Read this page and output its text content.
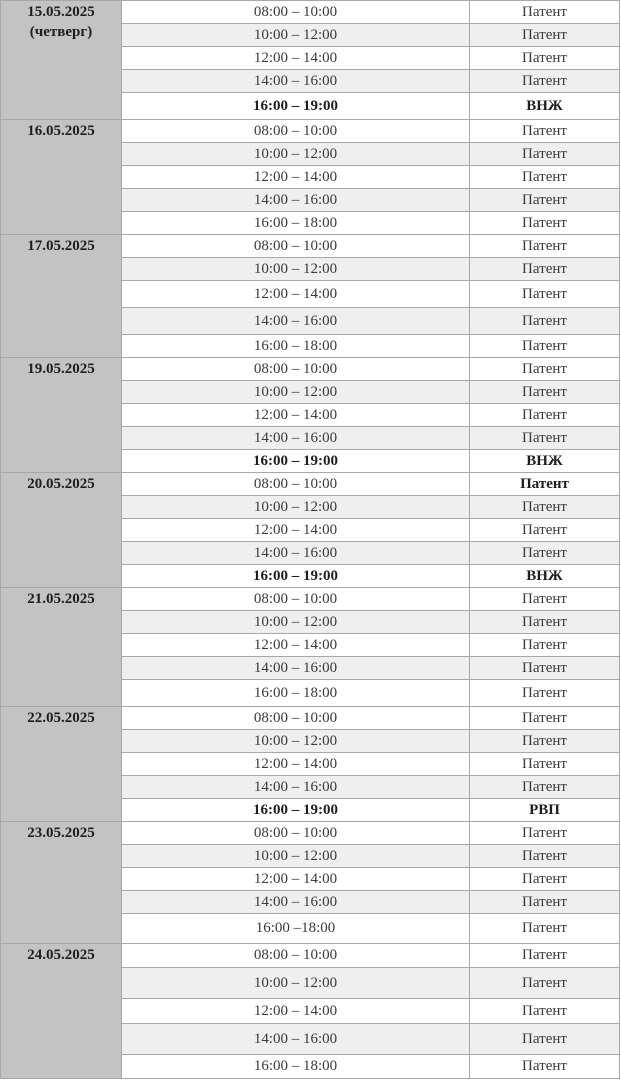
15.05.2025
(четверг)	08:00 – 10:00	Патент
	10:00 – 12:00	Патент
	12:00 – 14:00	Патент
	14:00 – 16:00	Патент
	16:00 – 19:00	ВНЖ

16.05.2025	08:00 – 10:00	Патент
	10:00 – 12:00	Патент
	12:00 – 14:00	Патент
	14:00 – 16:00	Патент
	16:00 – 18:00	Патент

17.05.2025	08:00 – 10:00	Патент
	10:00 – 12:00	Патент
	12:00 – 14:00	Патент
	14:00 – 16:00	Патент
	16:00 – 18:00	Патент

19.05.2025	08:00 – 10:00	Патент
	10:00 – 12:00	Патент
	12:00 – 14:00	Патент
	14:00 – 16:00	Патент
	16:00 – 19:00	ВНЖ

20.05.2025	08:00 – 10:00	Патент
	10:00 – 12:00	Патент
	12:00 – 14:00	Патент
	14:00 – 16:00	Патент
	16:00 – 19:00	ВНЖ

21.05.2025	08:00 – 10:00	Патент
	10:00 – 12:00	Патент
	12:00 – 14:00	Патент
	14:00 – 16:00	Патент
	16:00 – 18:00	Патент

22.05.2025	08:00 – 10:00	Патент
	10:00 – 12:00	Патент
	12:00 – 14:00	Патент
	14:00 – 16:00	Патент
	16:00 – 19:00	РВП

23.05.2025	08:00 – 10:00	Патент
	10:00 – 12:00	Патент
	12:00 – 14:00	Патент
	14:00 – 16:00	Патент
	16:00 –18:00	Патент

24.05.2025	08:00 – 10:00	Патент
	10:00 – 12:00	Патент
	12:00 – 14:00	Патент
	14:00 – 16:00	Патент
	16:00 – 18:00	Патент
